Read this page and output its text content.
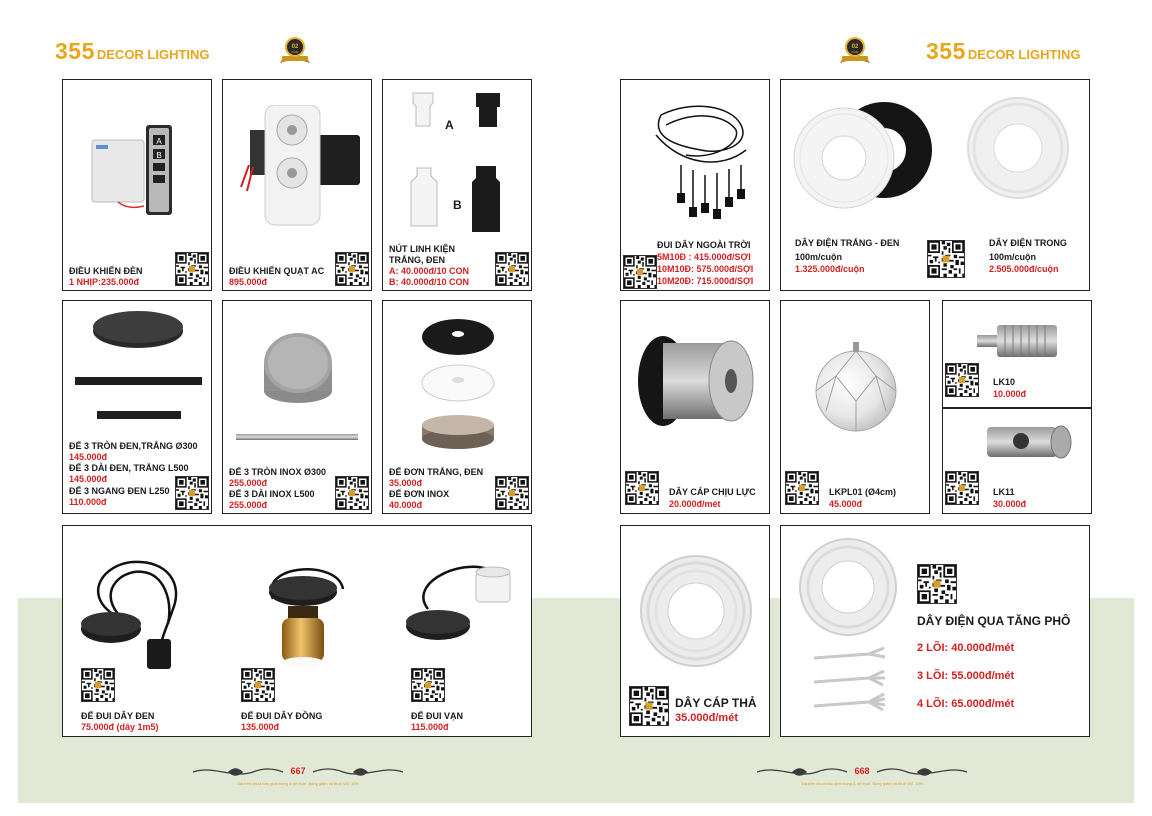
355 DECOR LIGHTING
A
B
ĐIỀU KHIỂN ĐÈN
1 NHỊP:235.000đ
ĐIỀU KHIỂN QUẠT AC
895.000đ
A
B
NÚT LINH KIỆN
TRẮNG, ĐEN
A: 40.000đ/10 CON
B: 40.000đ/10 CON
ĐẾ 3 TRÒN ĐEN,TRẮNG Ø300
145.000đ
ĐẾ 3 DÀI ĐEN, TRẮNG L500
145.000đ
ĐẾ 3 NGANG ĐEN L250
110.000đ
ĐẾ 3 TRÒN INOX Ø300
255.000đ
ĐẾ 3 DÀI INOX L500
255.000đ
ĐẾ ĐƠN TRẮNG, ĐEN
35.000đ
ĐẾ ĐƠN INOX
40.000đ
ĐẾ ĐUI DÂY ĐEN
75.000đ (dây 1m5)
ĐẾ ĐUI DÂY ĐỒNG
135.000đ
ĐẾ ĐUI VẠN
115.000đ
667
Giá trên chưa bao gồm bóng & hệ thuế. Bóng giảm và thuế VAT 10%
355 DECOR LIGHTING
ĐUI DÂY NGOÀI TRỜI
5M10Đ : 415.000đ/SỢI
10M10Đ: 575.000đ/SỢI
10M20Đ: 715.000đ/SỢI
DÂY ĐIỆN TRẮNG - ĐEN
100m/cuộn
1.325.000đ/cuộn
DÂY ĐIỆN TRONG
100m/cuộn
2.505.000đ/cuộn
DÂY CÁP CHỊU LỰC
20.000đ/mét
LKPL01 (Ø4cm)
45.000đ
LK10
10.000đ
LK11
30.000đ
DÂY CÁP THẢ
35.000đ/mét
DÂY ĐIỆN QUA TĂNG PHÔ
2 LÕI: 40.000đ/mét
3 LÕI: 55.000đ/mét
4 LÕI: 65.000đ/mét
668
Giá trên chưa bao gồm bóng & hệ thuế. Bóng giảm và thuế VAT 10%
